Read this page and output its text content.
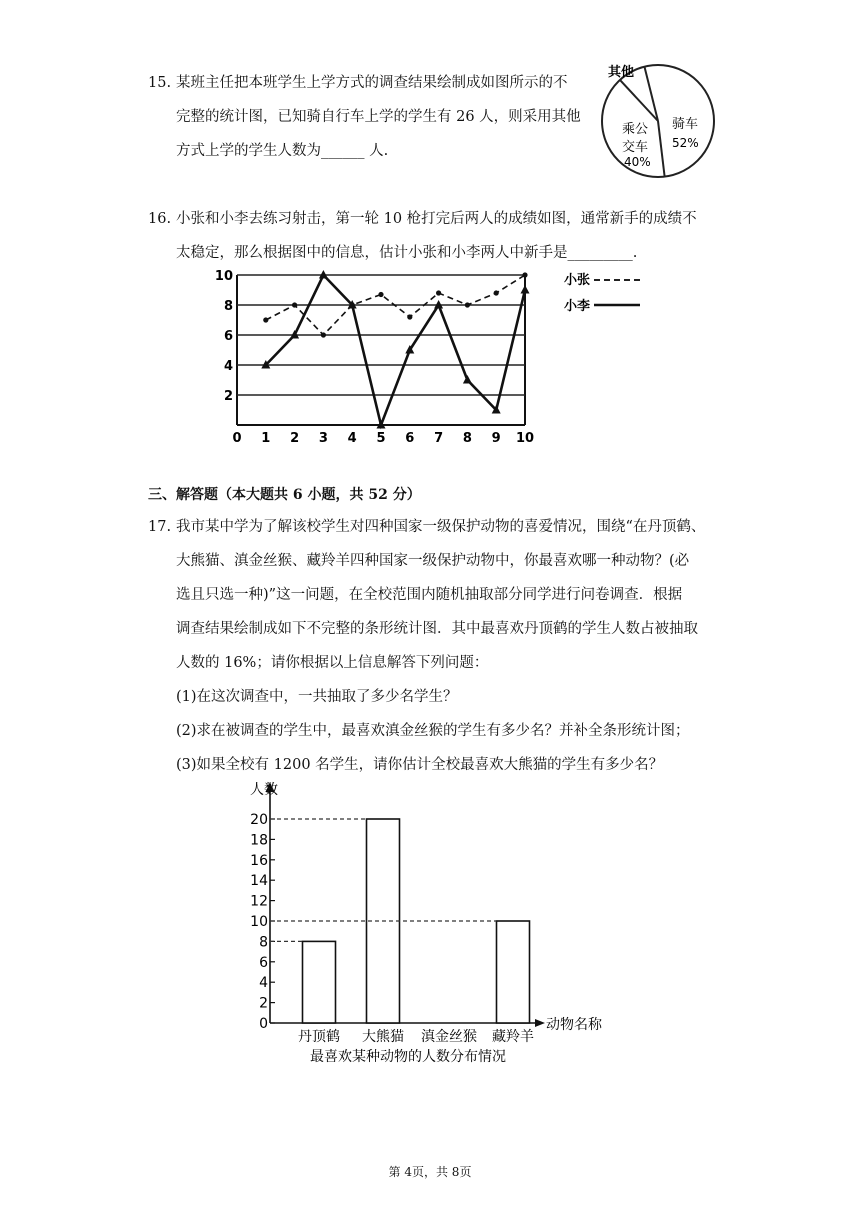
15. 某班主任把本班学生上学方式的调查结果绘制成如图所示的不
完整的统计图，已知骑自行车上学的学生有 26 人，则采用其他
方式上学的学生人数为______ 人.
其他
骑车
52%
乘公
交车
40%
16. 小张和小李去练习射击，第一轮 10 枪打完后两人的成绩如图，通常新手的成绩不
太稳定，那么根据图中的信息，估计小张和小李两人中新手是_________.
2
4
6
8
10
0 1 2 3 4 5 6 7 8 9 10
小张
小李
三、解答题（本大题共 6 小题，共 52 分）
17. 我市某中学为了解该校学生对四种国家一级保护动物的喜爱情况，围绕“在丹顶鹤、
大熊猫、滇金丝猴、藏羚羊四种国家一级保护动物中，你最喜欢哪一种动物？(必
选且只选一种)”这一问题，在全校范围内随机抽取部分同学进行问卷调查．根据
调查结果绘制成如下不完整的条形统计图．其中最喜欢丹顶鹤的学生人数占被抽取
人数的 16%；请你根据以上信息解答下列问题：
(1)在这次调查中，一共抽取了多少名学生？
(2)求在被调查的学生中，最喜欢滇金丝猴的学生有多少名？并补全条形统计图；
(3)如果全校有 1200 名学生，请你估计全校最喜欢大熊猫的学生有多少名？
0
2
4
6
8
10
12
14
16
18
20
丹顶鹤 大熊猫 滇金丝猴 藏羚羊
人数
动物名称
最喜欢某种动物的人数分布情况
第 4页，共 8页
